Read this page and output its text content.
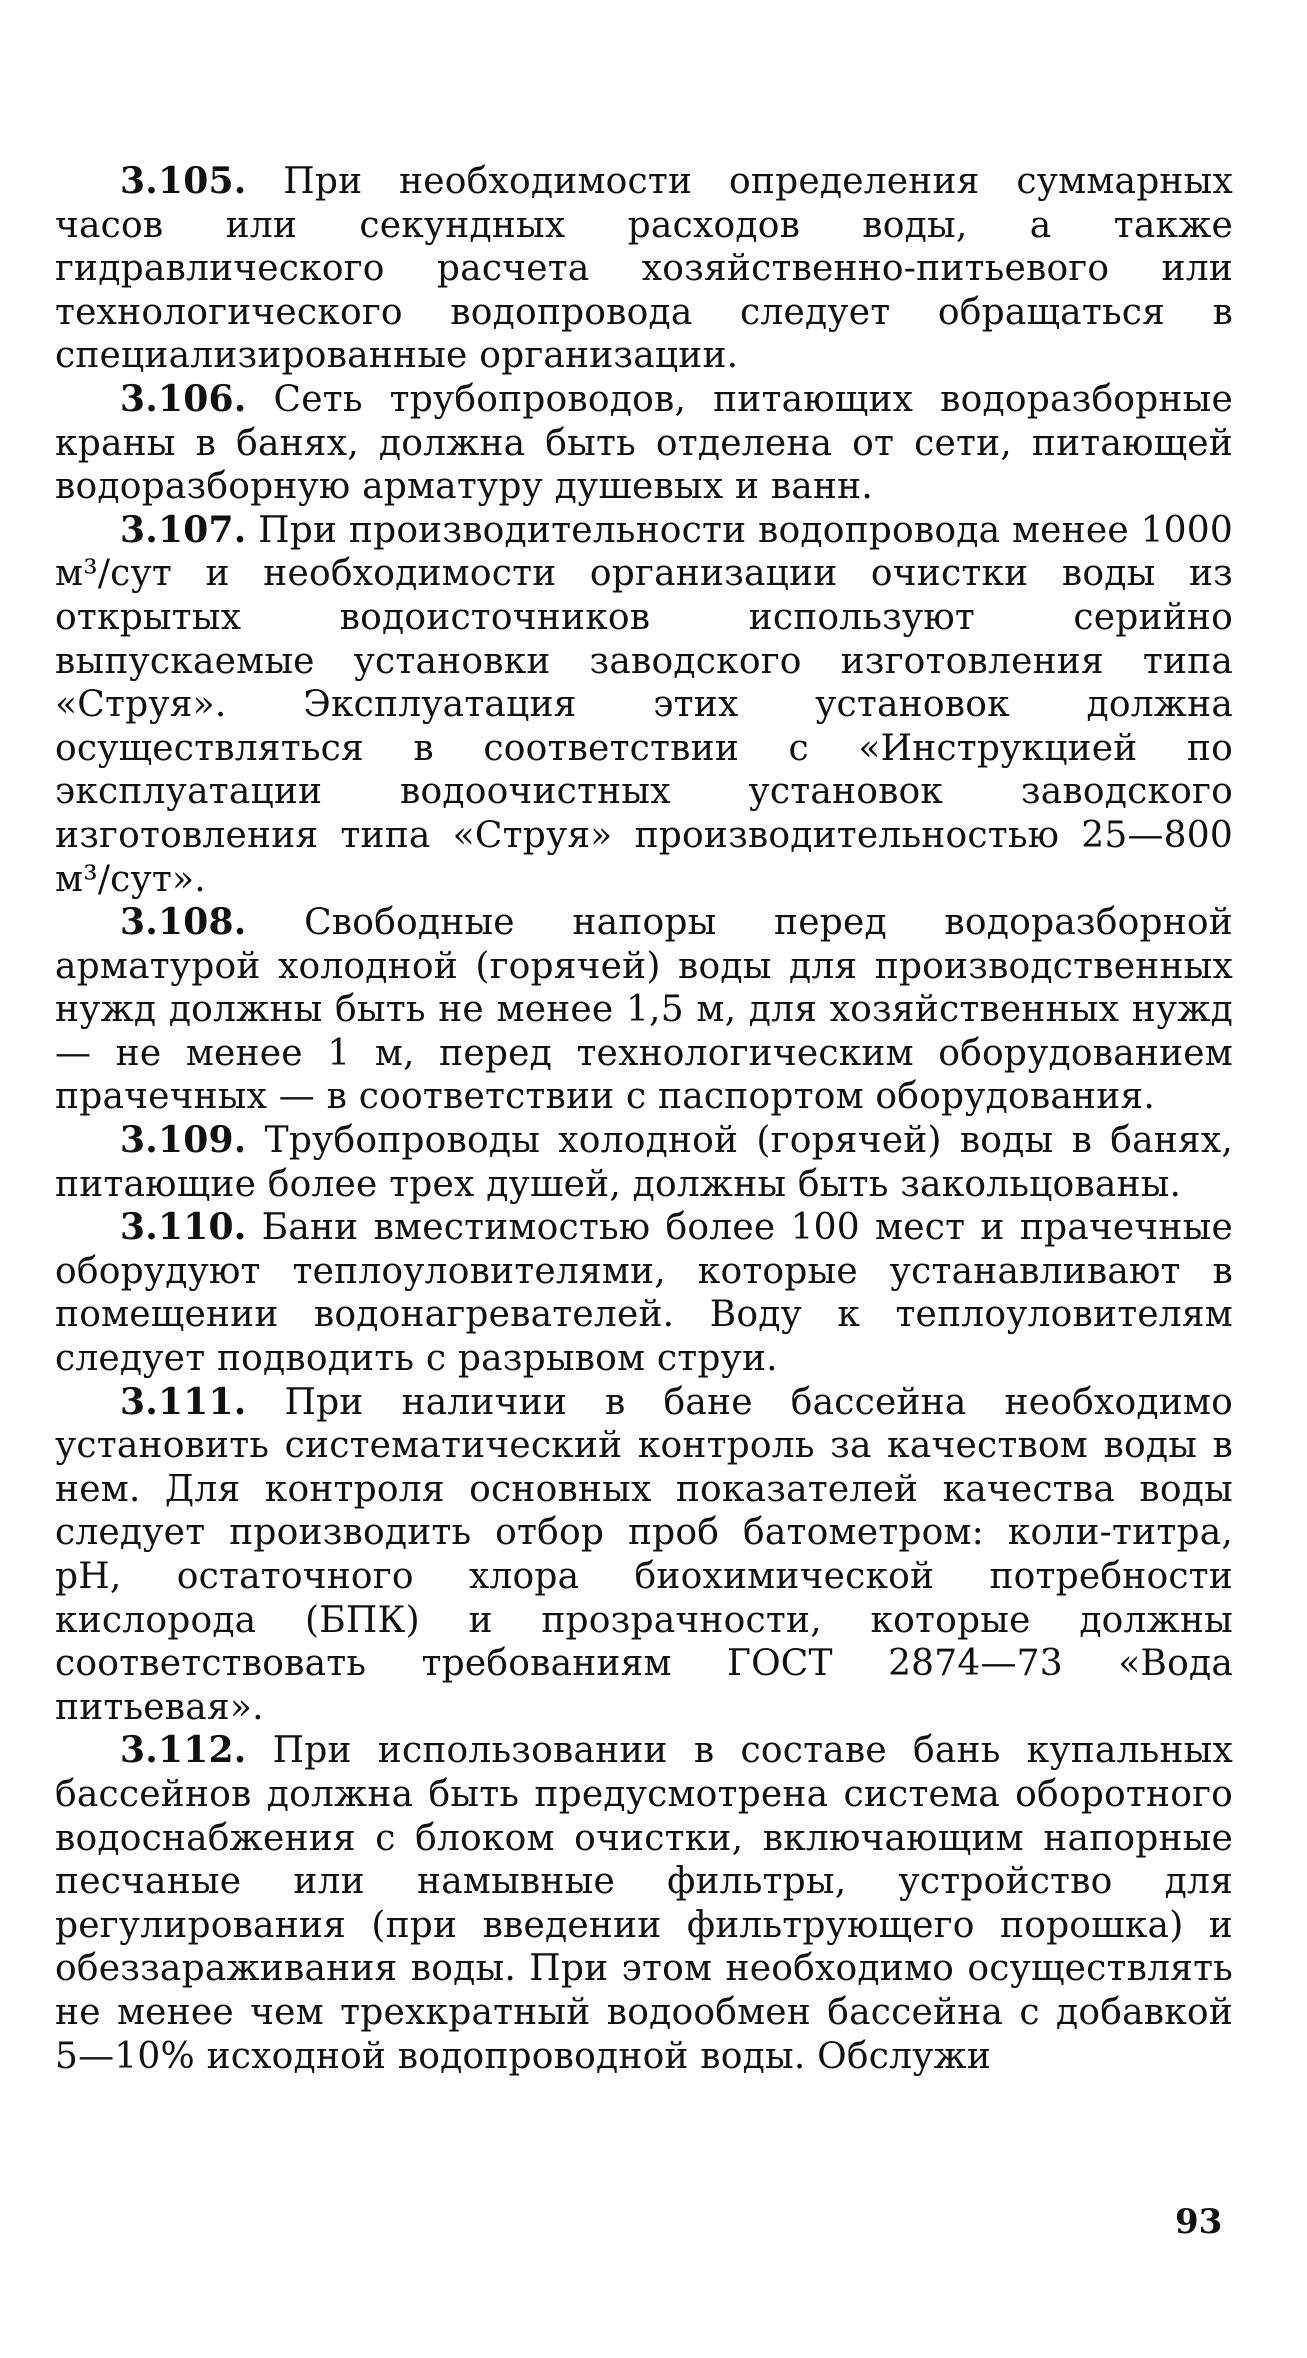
3.105. При необходимости определения суммарных часов или секундных расходов воды, а также гидравлического расчета хозяйственно-питьевого или технологического водопровода следует обращаться в специализированные организации.

3.106. Сеть трубопроводов, питающих водоразборные краны в банях, должна быть отделена от сети, питающей водоразборную арматуру душевых и ванн.

3.107. При производительности водопровода менее 1000 м³/сут и необходимости организации очистки воды из открытых водоисточников используют серийно выпускаемые установки заводского изготовления типа «Струя». Эксплуатация этих установок должна осуществляться в соответствии с «Инструкцией по эксплуатации водоочистных установок заводского изготовления типа «Струя» производительностью 25—800 м³/сут».

3.108. Свободные напоры перед водоразборной арматурой холодной (горячей) воды для производственных нужд должны быть не менее 1,5 м, для хозяйственных нужд — не менее 1 м, перед технологическим оборудованием прачечных — в соответствии с паспортом оборудования.

3.109. Трубопроводы холодной (горячей) воды в банях, питающие более трех душей, должны быть закольцованы.

3.110. Бани вместимостью более 100 мест и прачечные оборудуют теплоуловителями, которые устанавливают в помещении водонагревателей. Воду к теплоуловителям следует подводить с разрывом струи.

3.111. При наличии в бане бассейна необходимо установить систематический контроль за качеством воды в нем. Для контроля основных показателей качества воды следует производить отбор проб батометром: коли-титра, pH, остаточного хлора биохимической потребности кислорода (БПК) и прозрачности, которые должны соответствовать требованиям ГОСТ 2874—73 «Вода питьевая».

3.112. При использовании в составе бань купальных бассейнов должна быть предусмотрена система оборотного водоснабжения с блоком очистки, включающим напорные песчаные или намывные фильтры, устройство для регулирования (при введении фильтрующего порошка) и обеззараживания воды. При этом необходимо осуществлять не менее чем трехкратный водообмен бассейна с добавкой 5—10% исходной водопроводной воды. Обслужи

93
